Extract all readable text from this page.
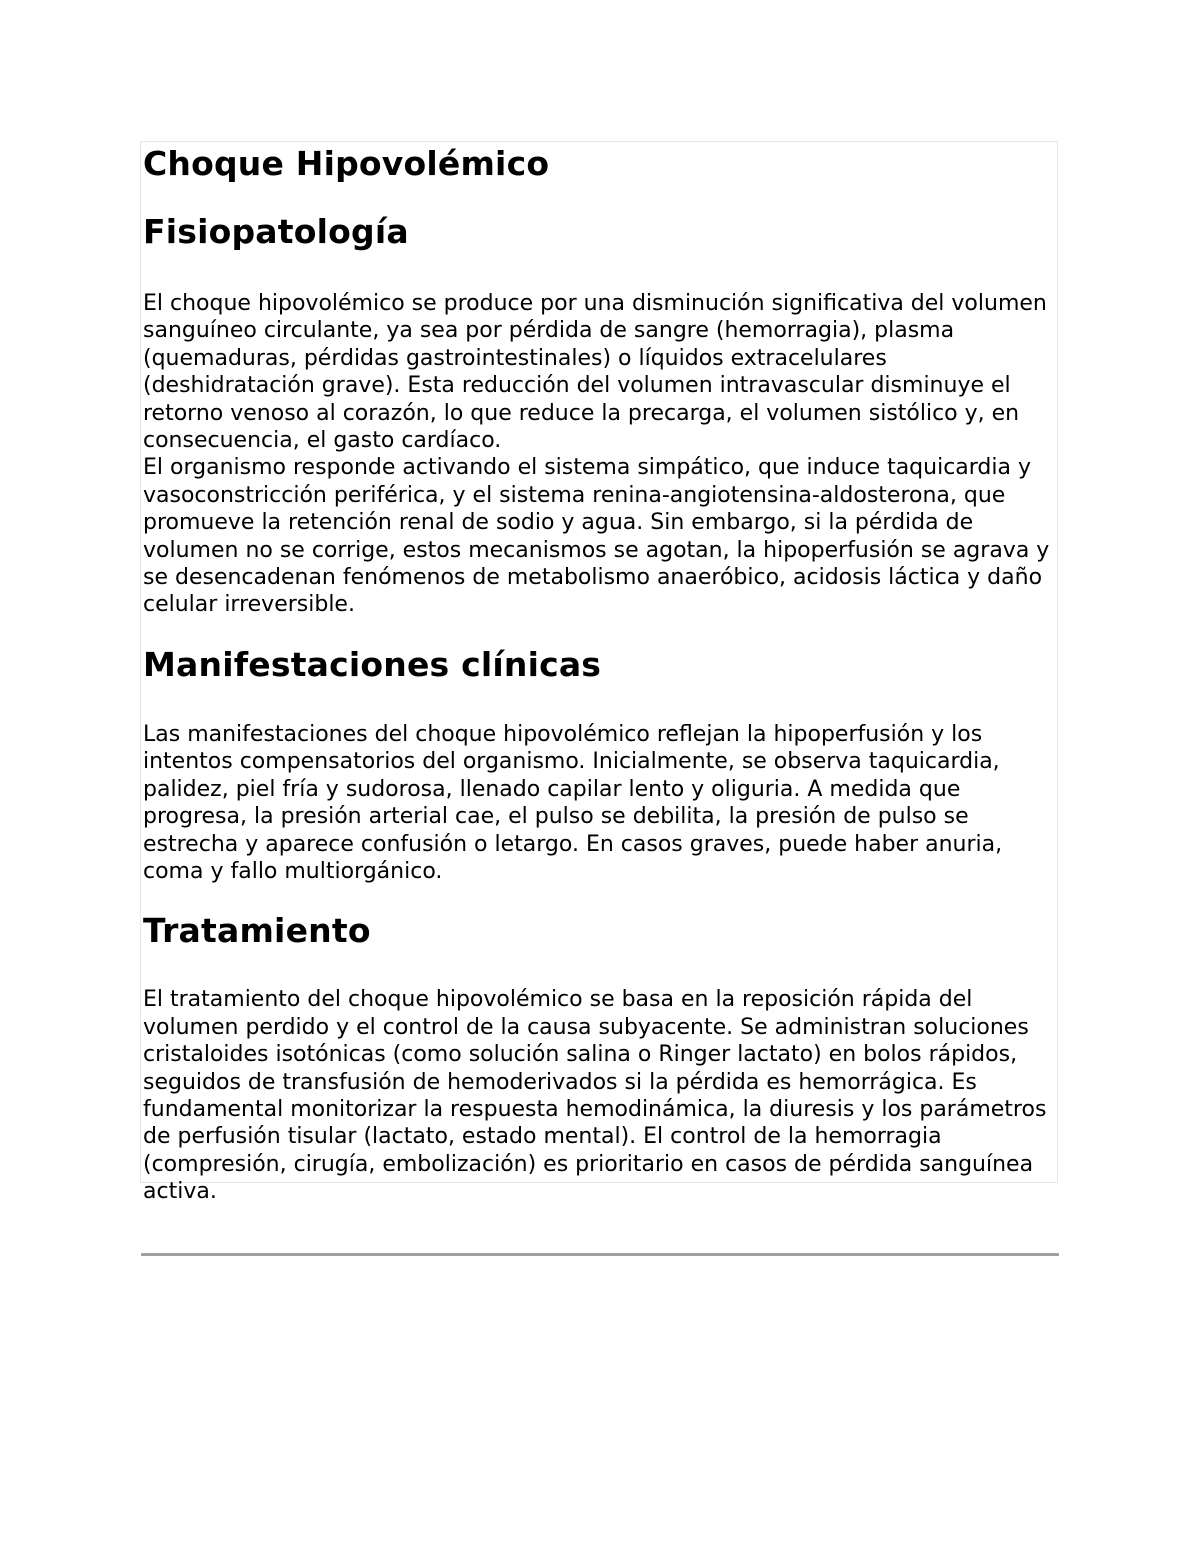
Choque Hipovolémico
Fisiopatología

El choque hipovolémico se produce por una disminución significativa del volumen sanguíneo circulante, ya sea por pérdida de sangre (hemorragia), plasma (quemaduras, pérdidas gastrointestinales) o líquidos extracelulares (deshidratación grave). Esta reducción del volumen intravascular disminuye el retorno venoso al corazón, lo que reduce la precarga, el volumen sistólico y, en consecuencia, el gasto cardíaco.

El organismo responde activando el sistema simpático, que induce taquicardia y vasoconstricción periférica, y el sistema renina-angiotensina-aldosterona, que promueve la retención renal de sodio y agua. Sin embargo, si la pérdida de volumen no se corrige, estos mecanismos se agotan, la hipoperfusión se agrava y se desencadenan fenómenos de metabolismo anaeróbico, acidosis láctica y daño celular irreversible.

Manifestaciones clínicas

Las manifestaciones del choque hipovolémico reflejan la hipoperfusión y los intentos compensatorios del organismo. Inicialmente, se observa taquicardia, palidez, piel fría y sudorosa, llenado capilar lento y oliguria. A medida que progresa, la presión arterial cae, el pulso se debilita, la presión de pulso se estrecha y aparece confusión o letargo. En casos graves, puede haber anuria, coma y fallo multiorgánico.

Tratamiento

El tratamiento del choque hipovolémico se basa en la reposición rápida del volumen perdido y el control de la causa subyacente. Se administran soluciones cristaloides isotónicas (como solución salina o Ringer lactato) en bolos rápidos, seguidos de transfusión de hemoderivados si la pérdida es hemorrágica. Es fundamental monitorizar la respuesta hemodinámica, la diuresis y los parámetros de perfusión tisular (lactato, estado mental). El control de la hemorragia (compresión, cirugía, embolización) es prioritario en casos de pérdida sanguínea activa.
